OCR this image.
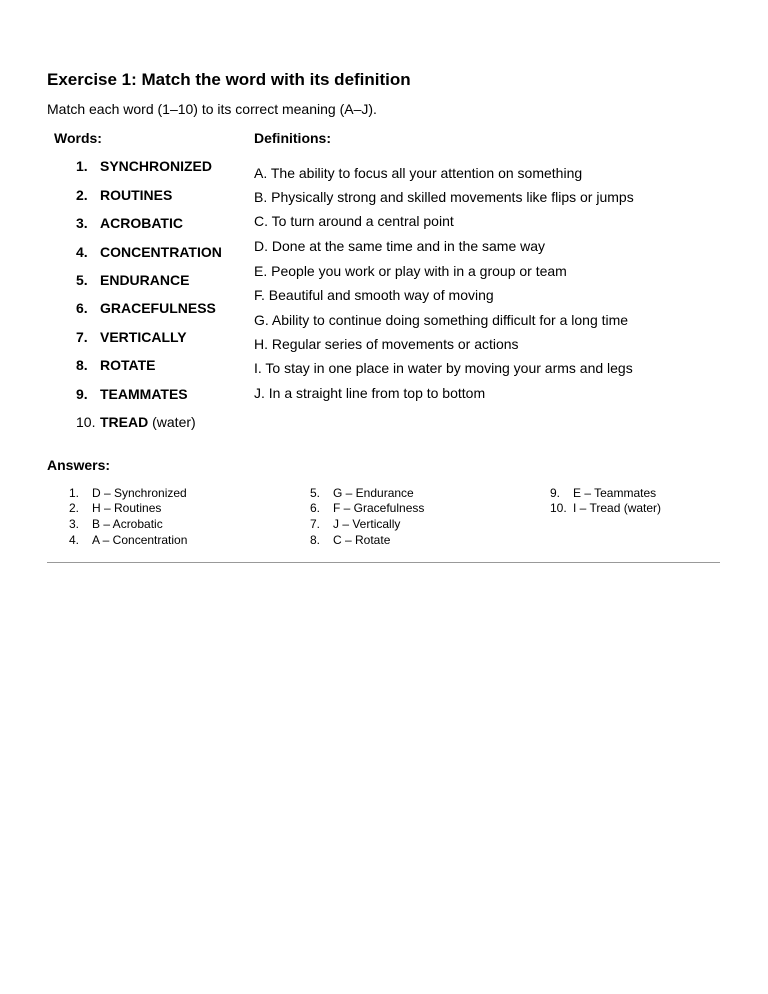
Exercise 1: Match the word with its definition
Match each word (1–10) to its correct meaning (A–J).
Words:	Definitions:
1. SYNCHRONIZED
2. ROUTINES
3. ACROBATIC
4. CONCENTRATION
5. ENDURANCE
6. GRACEFULNESS
7. VERTICALLY
8. ROTATE
9. TEAMMATES
10. TREAD (water)
A. The ability to focus all your attention on something
B. Physically strong and skilled movements like flips or jumps
C. To turn around a central point
D. Done at the same time and in the same way
E. People you work or play with in a group or team
F. Beautiful and smooth way of moving
G. Ability to continue doing something difficult for a long time
H. Regular series of movements or actions
I. To stay in one place in water by moving your arms and legs
J. In a straight line from top to bottom
Answers:
1. D – Synchronized
2. H – Routines
3. B – Acrobatic
4. A – Concentration
5. G – Endurance
6. F – Gracefulness
7. J – Vertically
8. C – Rotate
9. E – Teammates
10. I – Tread (water)
